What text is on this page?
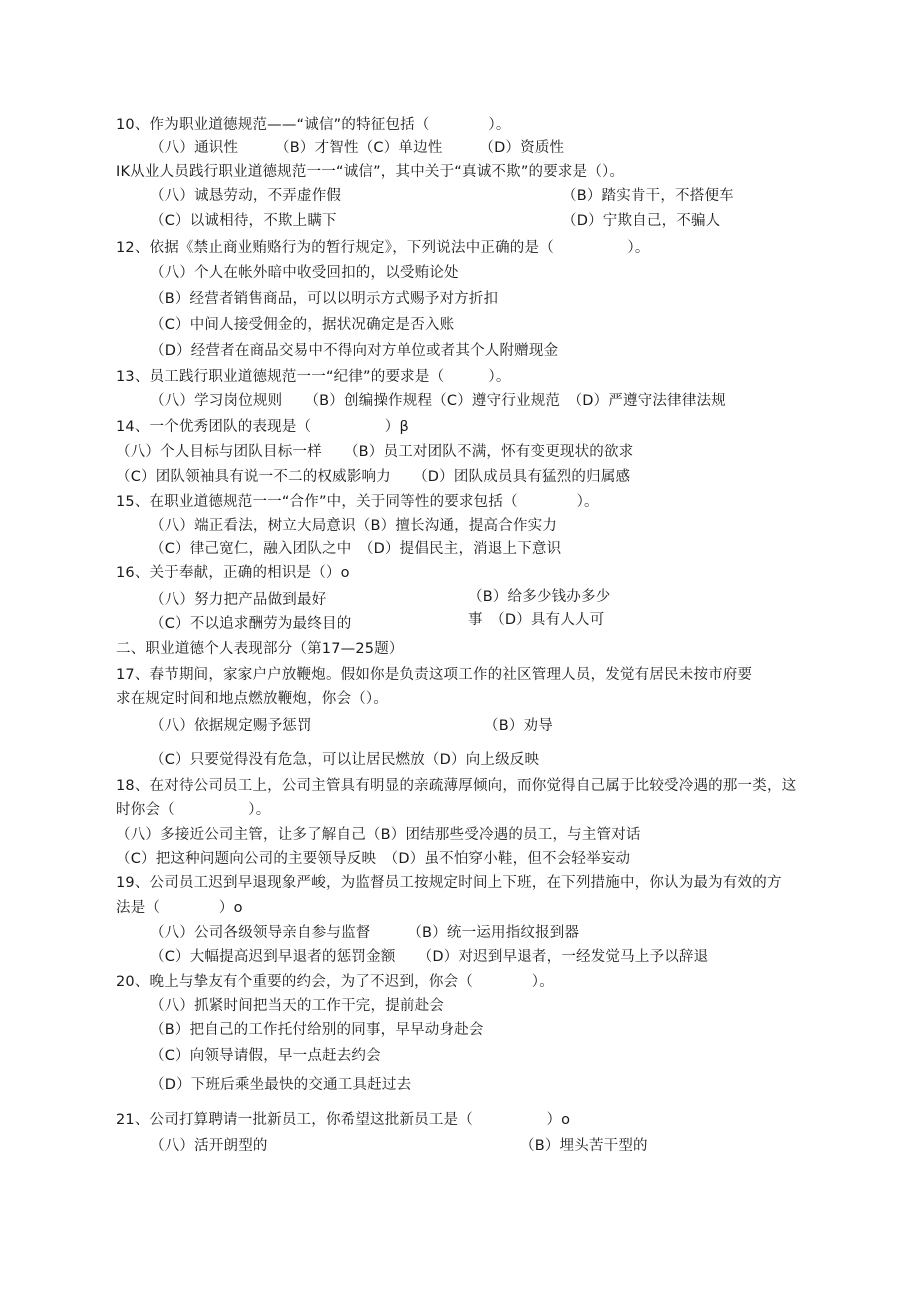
10、作为职业道德规范——“诚信”的特征包括（　　　　）。
（八）通识性　　　（B）才智性（C）单边性　　　（D）资质性
IK从业人员践行职业道德规范一一“诚信”，其中关于“真诚不欺”的要求是（）。
（八）诚恳劳动，不弄虚作假	（B）踏实肯干，不搭便车
（C）以诚相待，不欺上瞒下	（D）宁欺自己，不骗人
12、依据《禁止商业贿赂行为的暂行规定》，下列说法中正确的是（　　　　　）。
（八）个人在帐外暗中收受回扣的，以受贿论处
（B）经营者销售商品，可以以明示方式赐予对方折扣
（C）中间人接受佣金的，据状况确定是否入账
（D）经营者在商品交易中不得向对方单位或者其个人附赠现金
13、员工践行职业道德规范一一“纪律”的要求是（　　　）。
（八）学习岗位规则　　（B）创编操作规程（C）遵守行业规范　（D）严遵守法律律法规
14、一个优秀团队的表现是（　　　　　）β
（八）个人目标与团队目标一样　　（B）员工对团队不满，怀有变更现状的欲求
（C）团队领袖具有说一不二的权威影响力　　（D）团队成员具有猛烈的归属感
15、在职业道德规范一一“合作”中，关于同等性的要求包括（　　　　）。
（八）端正看法，树立大局意识（B）擅长沟通，提高合作实力
（C）律己宽仁，融入团队之中　（D）提倡民主，消退上下意识
16、关于奉献，正确的相识是（）o
（八）努力把产品做到最好	（B）给多少钱办多少
（C）不以追求酬劳为最终目的	事　（D）具有人人可
二、职业道德个人表现部分（第17—25题）
17、春节期间，家家户户放鞭炮。假如你是负责这项工作的社区管理人员，发觉有居民未按市府要
求在规定时间和地点燃放鞭炮，你会（）。
（八）依据规定赐予惩罚	（B）劝导
（C）只要觉得没有危急，可以让居民燃放（D）向上级反映
18、在对待公司员工上，公司主管具有明显的亲疏薄厚倾向，而你觉得自己属于比较受冷遇的那一类，这
时你会（　　　　　）。
（八）多接近公司主管，让多了解自己（B）团结那些受冷遇的员工，与主管对话
（C）把这种问题向公司的主要领导反映　（D）虽不怕穿小鞋，但不会轻举妄动
19、公司员工迟到早退现象严峻，为监督员工按规定时间上下班，在下列措施中，你认为最为有效的方
法是（　　　　）o
（八）公司各级领导亲自参与监督　　　（B）统一运用指纹报到器
（C）大幅提高迟到早退者的惩罚金额　　（D）对迟到早退者，一经发觉马上予以辞退
20、晚上与挚友有个重要的约会，为了不迟到，你会（　　　　）。
（八）抓紧时间把当天的工作干完，提前赴会
（B）把自己的工作托付给别的同事，早早动身赴会
（C）向领导请假，早一点赶去约会
（D）下班后乘坐最快的交通工具赶过去
21、公司打算聘请一批新员工，你希望这批新员工是（　　　　　）o
（八）活开朗型的	（B）埋头苦干型的
